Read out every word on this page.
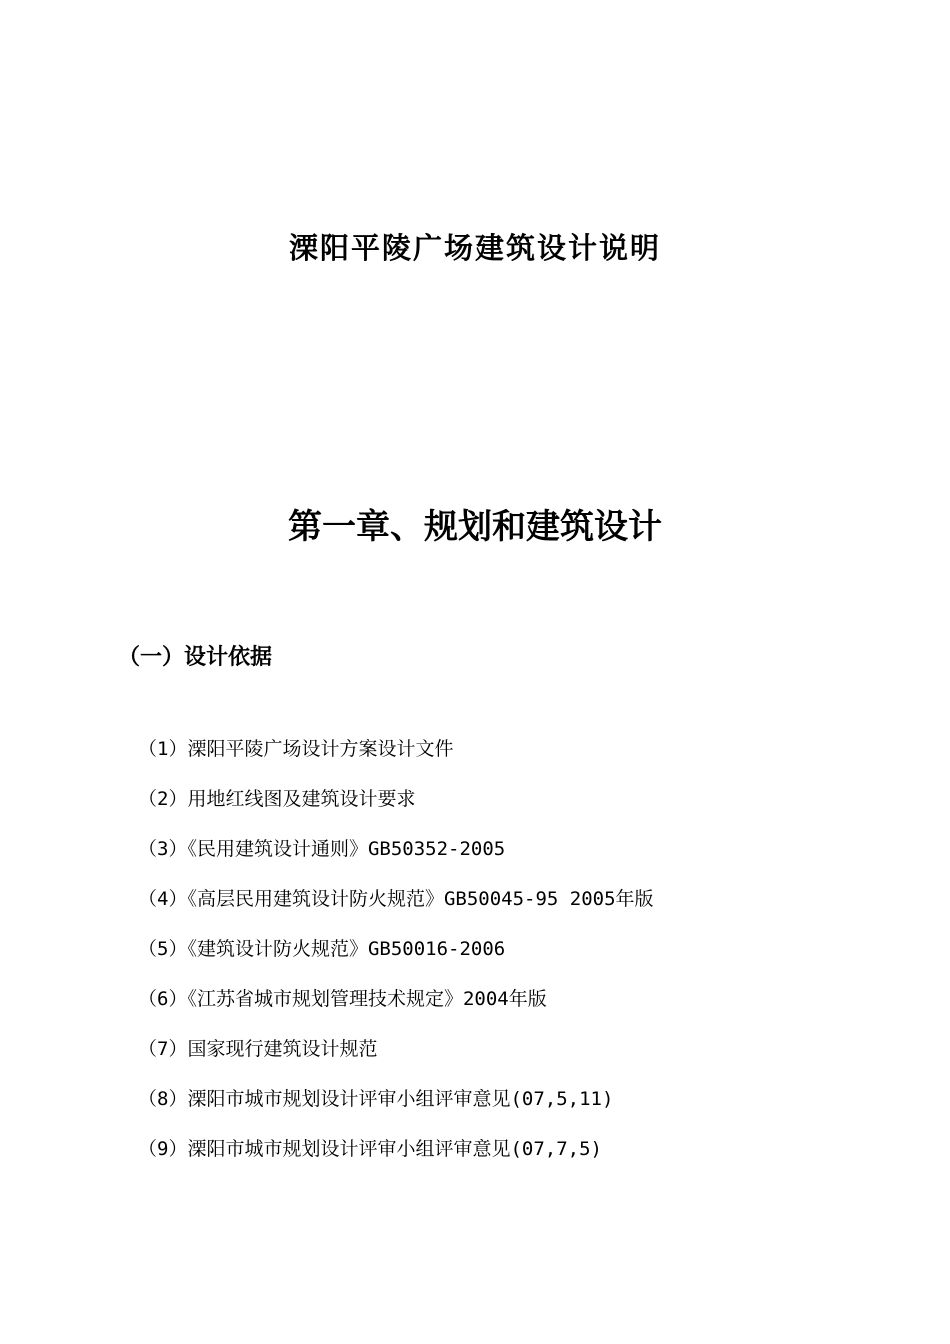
溧阳平陵广场建筑设计说明
第一章、规划和建筑设计
（一）设计依据
（1）溧阳平陵广场设计方案设计文件
（2）用地红线图及建筑设计要求
（3）《民用建筑设计通则》GB50352-2005
（4）《高层民用建筑设计防火规范》GB50045-95 2005年版
（5）《建筑设计防火规范》GB50016-2006
（6）《江苏省城市规划管理技术规定》2004年版
（7）国家现行建筑设计规范
（8）溧阳市城市规划设计评审小组评审意见(07,5,11)
（9）溧阳市城市规划设计评审小组评审意见(07,7,5)
